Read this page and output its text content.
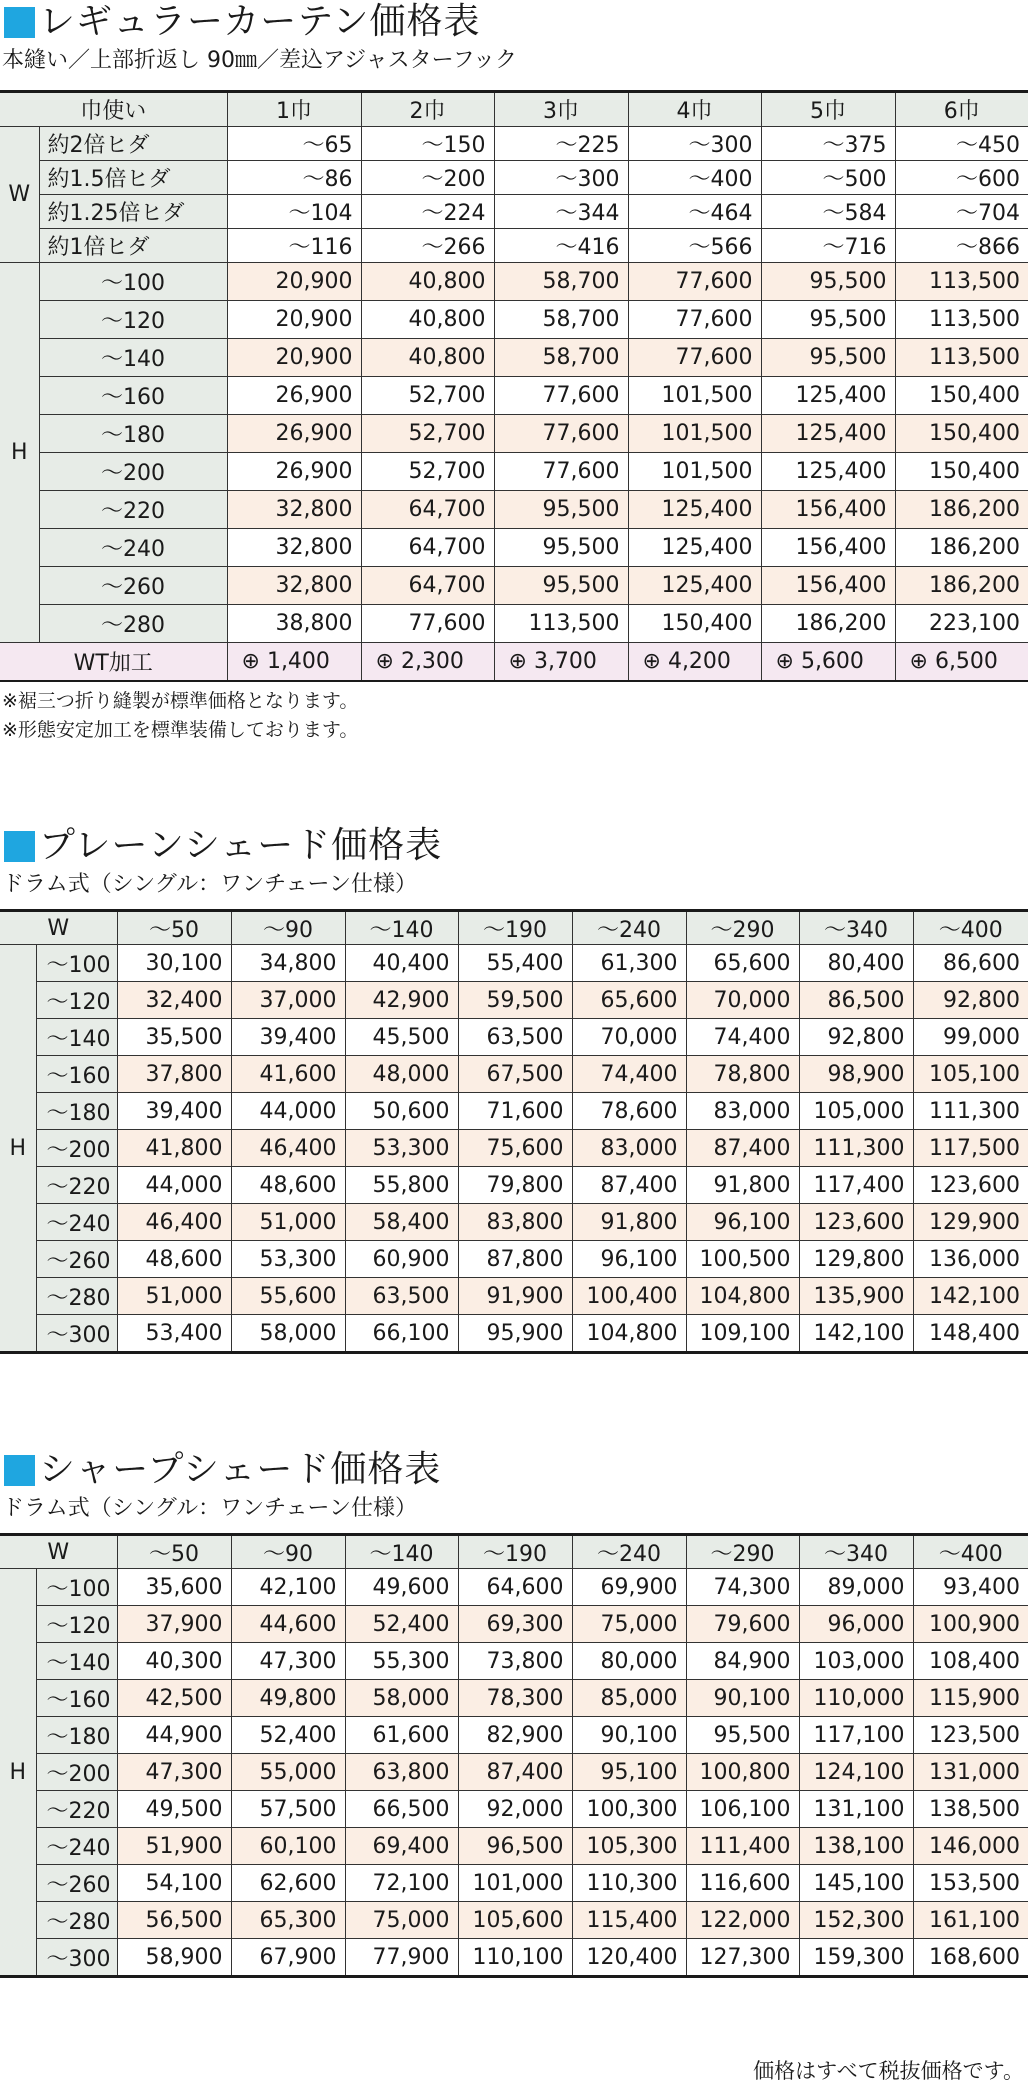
レギュラーカーテン価格表
本縫い／上部折返し 90㎜／差込アジャスターフック
巾使い		1巾	2巾	3巾	4巾	5巾	6巾
W	約2倍ヒダ	～65	～150	～225	～300	～375	～450
	約1.5倍ヒダ	～86	～200	～300	～400	～500	～600
	約1.25倍ヒダ	～104	～224	～344	～464	～584	～704
	約1倍ヒダ	～116	～266	～416	～566	～716	～866
H	～100	20,900	40,800	58,700	77,600	95,500	113,500
	～120	20,900	40,800	58,700	77,600	95,500	113,500
	～140	20,900	40,800	58,700	77,600	95,500	113,500
	～160	26,900	52,700	77,600	101,500	125,400	150,400
	～180	26,900	52,700	77,600	101,500	125,400	150,400
	～200	26,900	52,700	77,600	101,500	125,400	150,400
	～220	32,800	64,700	95,500	125,400	156,400	186,200
	～240	32,800	64,700	95,500	125,400	156,400	186,200
	～260	32,800	64,700	95,500	125,400	156,400	186,200
	～280	38,800	77,600	113,500	150,400	186,200	223,100
WT加工		⊕ 1,400	⊕ 2,300	⊕ 3,700	⊕ 4,200	⊕ 5,600	⊕ 6,500
※裾三つ折り縫製が標準価格となります。
※形態安定加工を標準装備しております。
プレーンシェード価格表
ドラム式（シングル：ワンチェーン仕様）
W		～50	～90	～140	～190	～240	～290	～340	～400
H	～100	30,100	34,800	40,400	55,400	61,300	65,600	80,400	86,600
	～120	32,400	37,000	42,900	59,500	65,600	70,000	86,500	92,800
	～140	35,500	39,400	45,500	63,500	70,000	74,400	92,800	99,000
	～160	37,800	41,600	48,000	67,500	74,400	78,800	98,900	105,100
	～180	39,400	44,000	50,600	71,600	78,600	83,000	105,000	111,300
	～200	41,800	46,400	53,300	75,600	83,000	87,400	111,300	117,500
	～220	44,000	48,600	55,800	79,800	87,400	91,800	117,400	123,600
	～240	46,400	51,000	58,400	83,800	91,800	96,100	123,600	129,900
	～260	48,600	53,300	60,900	87,800	96,100	100,500	129,800	136,000
	～280	51,000	55,600	63,500	91,900	100,400	104,800	135,900	142,100
	～300	53,400	58,000	66,100	95,900	104,800	109,100	142,100	148,400
シャープシェード価格表
ドラム式（シングル：ワンチェーン仕様）
W		～50	～90	～140	～190	～240	～290	～340	～400
H	～100	35,600	42,100	49,600	64,600	69,900	74,300	89,000	93,400
	～120	37,900	44,600	52,400	69,300	75,000	79,600	96,000	100,900
	～140	40,300	47,300	55,300	73,800	80,000	84,900	103,000	108,400
	～160	42,500	49,800	58,000	78,300	85,000	90,100	110,000	115,900
	～180	44,900	52,400	61,600	82,900	90,100	95,500	117,100	123,500
	～200	47,300	55,000	63,800	87,400	95,100	100,800	124,100	131,000
	～220	49,500	57,500	66,500	92,000	100,300	106,100	131,100	138,500
	～240	51,900	60,100	69,400	96,500	105,300	111,400	138,100	146,000
	～260	54,100	62,600	72,100	101,000	110,300	116,600	145,100	153,500
	～280	56,500	65,300	75,000	105,600	115,400	122,000	152,300	161,100
	～300	58,900	67,900	77,900	110,100	120,400	127,300	159,300	168,600
価格はすべて税抜価格です。
